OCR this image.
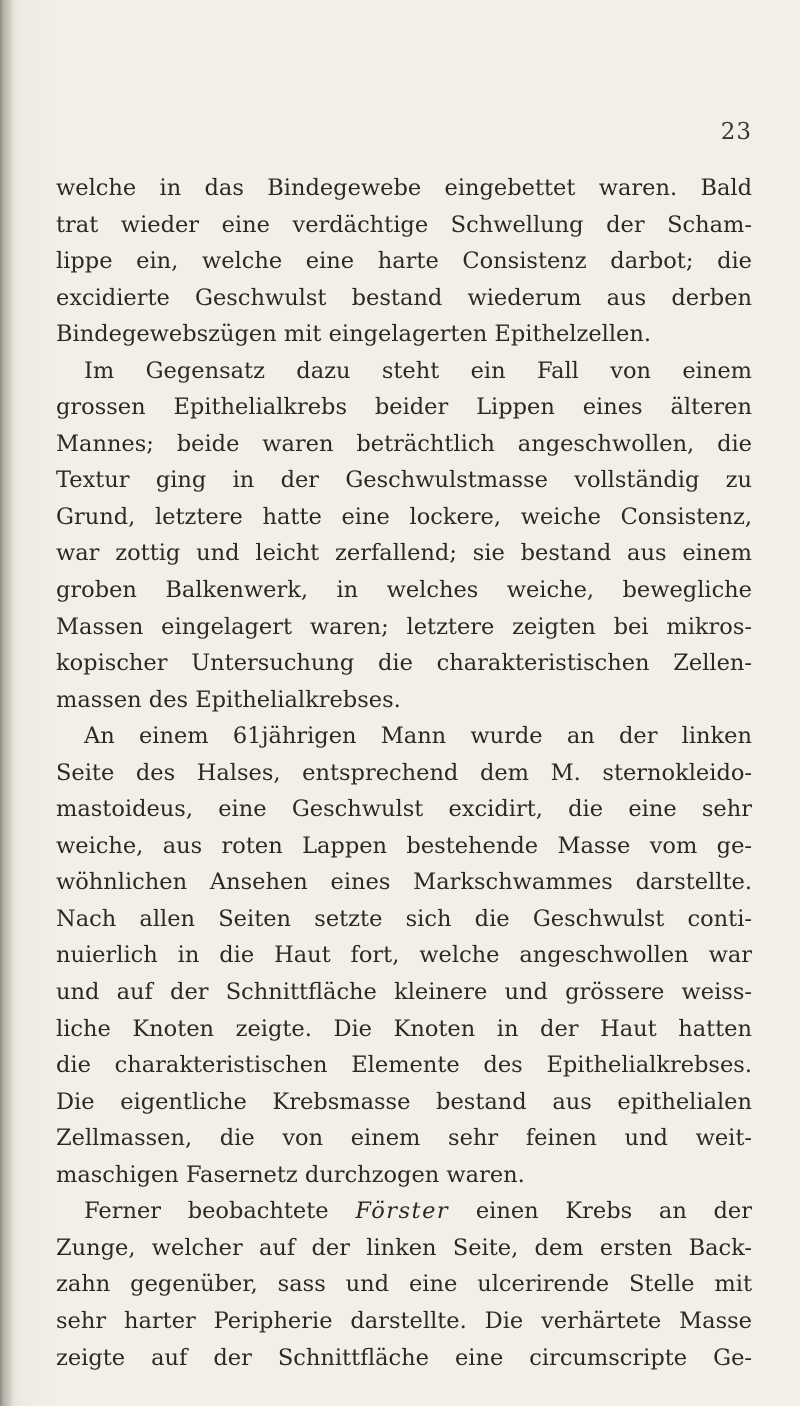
23
welche in das Bindegewebe eingebettet waren. Bald
trat wieder eine verdächtige Schwellung der Scham-
lippe ein, welche eine harte Consistenz darbot; die
excidierte Geschwulst bestand wiederum aus derben
Bindegewebszügen mit eingelagerten Epithelzellen.
Im Gegensatz dazu steht ein Fall von einem
grossen Epithelialkrebs beider Lippen eines älteren
Mannes; beide waren beträchtlich angeschwollen, die
Textur ging in der Geschwulstmasse vollständig zu
Grund, letztere hatte eine lockere, weiche Consistenz,
war zottig und leicht zerfallend; sie bestand aus einem
groben Balkenwerk, in welches weiche, bewegliche
Massen eingelagert waren; letztere zeigten bei mikros-
kopischer Untersuchung die charakteristischen Zellen-
massen des Epithelialkrebses.
An einem 61jährigen Mann wurde an der linken
Seite des Halses, entsprechend dem M. sternokleido-
mastoideus, eine Geschwulst excidirt, die eine sehr
weiche, aus roten Lappen bestehende Masse vom ge-
wöhnlichen Ansehen eines Markschwammes darstellte.
Nach allen Seiten setzte sich die Geschwulst conti-
nuierlich in die Haut fort, welche angeschwollen war
und auf der Schnittfläche kleinere und grössere weiss-
liche Knoten zeigte. Die Knoten in der Haut hatten
die charakteristischen Elemente des Epithelialkrebses.
Die eigentliche Krebsmasse bestand aus epithelialen
Zellmassen, die von einem sehr feinen und weit-
maschigen Fasernetz durchzogen waren.
Ferner beobachtete Förster einen Krebs an der
Zunge, welcher auf der linken Seite, dem ersten Back-
zahn gegenüber, sass und eine ulcerirende Stelle mit
sehr harter Peripherie darstellte. Die verhärtete Masse
zeigte auf der Schnittfläche eine circumscripte Ge-
